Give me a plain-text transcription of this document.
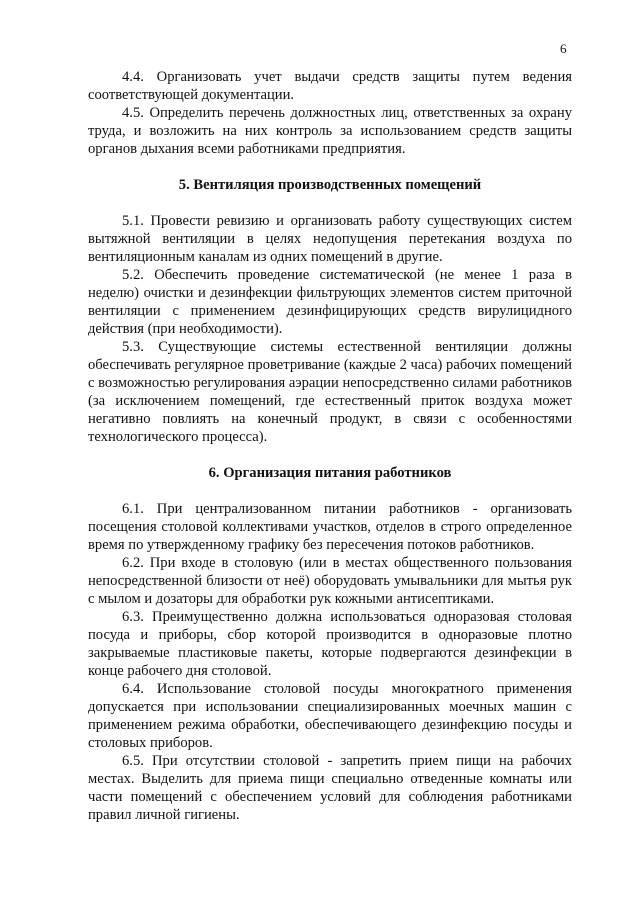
6

4.4. Организовать учет выдачи средств защиты путем ведения соответствующей документации.

4.5. Определить перечень должностных лиц, ответственных за охрану труда, и возложить на них контроль за использованием средств защиты органов дыхания всеми работниками предприятия.

5. Вентиляция производственных помещений

5.1. Провести ревизию и организовать работу существующих систем вытяжной вентиляции в целях недопущения перетекания воздуха по вентиляционным каналам из одних помещений в другие.

5.2. Обеспечить проведение систематической (не менее 1 раза в неделю) очистки и дезинфекции фильтрующих элементов систем приточной вентиляции с применением дезинфицирующих средств вирулицидного действия (при необходимости).

5.3. Существующие системы естественной вентиляции должны обеспечивать регулярное проветривание (каждые 2 часа) рабочих помещений с возможностью регулирования аэрации непосредственно силами работников (за исключением помещений, где естественный приток воздуха может негативно повлиять на конечный продукт, в связи с особенностями технологического процесса).

6. Организация питания работников

6.1. При централизованном питании работников - организовать посещения столовой коллективами участков, отделов в строго определенное время по утвержденному графику без пересечения потоков работников.

6.2. При входе в столовую (или в местах общественного пользования непосредственной близости от неё) оборудовать умывальники для мытья рук с мылом и дозаторы для обработки рук кожными антисептиками.

6.3. Преимущественно должна использоваться одноразовая столовая посуда и приборы, сбор которой производится в одноразовые плотно закрываемые пластиковые пакеты, которые подвергаются дезинфекции в конце рабочего дня столовой.

6.4. Использование столовой посуды многократного применения допускается при использовании специализированных моечных машин с применением режима обработки, обеспечивающего дезинфекцию посуды и столовых приборов.

6.5. При отсутствии столовой - запретить прием пищи на рабочих местах. Выделить для приема пищи специально отведенные комнаты или части помещений с обеспечением условий для соблюдения работниками правил личной гигиены.
